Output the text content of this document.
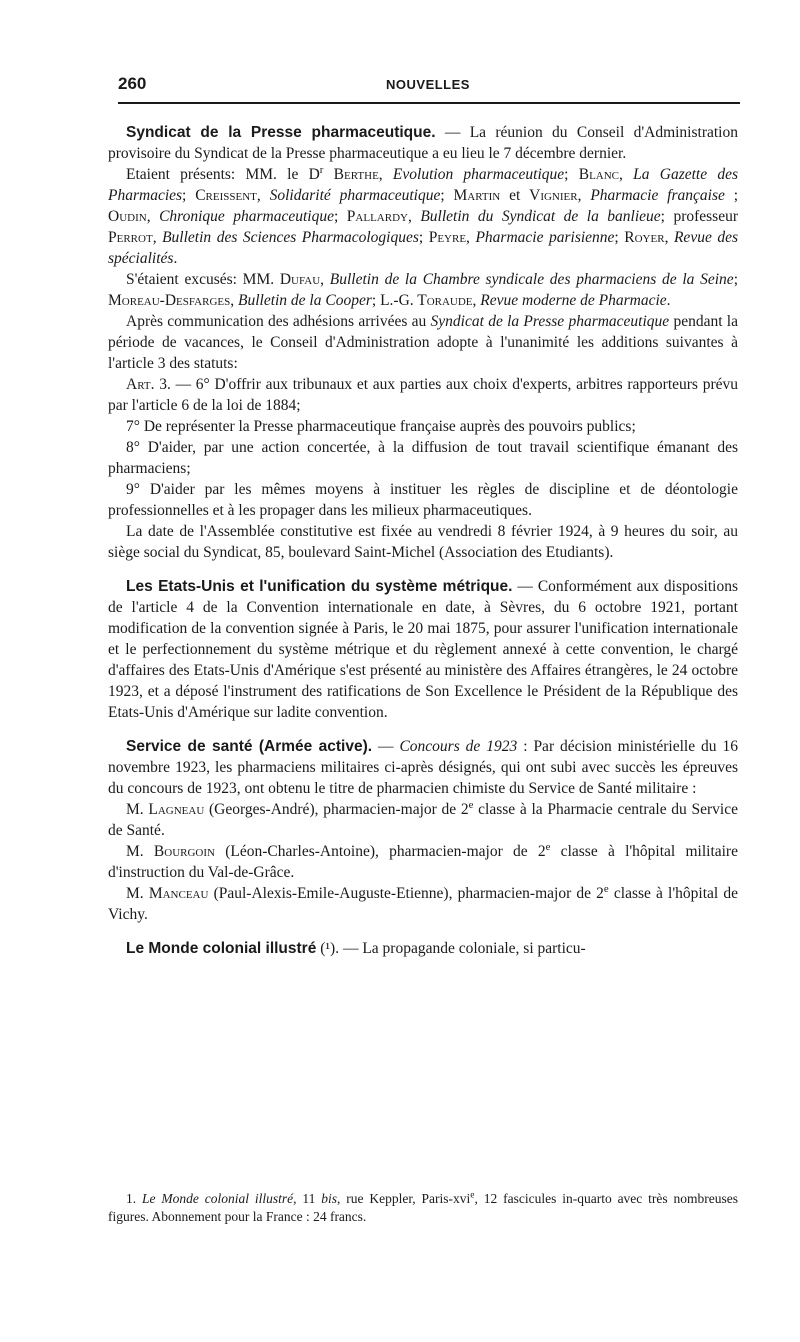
260	NOUVELLES

Syndicat de la Presse pharmaceutique. — La réunion du Conseil d'Administration provisoire du Syndicat de la Presse pharmaceutique a eu lieu le 7 décembre dernier.

Etaient présents: MM. le $D^r$ Berthe, Evolution pharmaceutique; Blanc, La Gazette des Pharmacies; Creissent, Solidarité pharmaceutique; Martin et Vignier, Pharmacie française ; Oudin, Chronique pharmaceutique; Pallardy, Bulletin du Syndicat de la banlieue; professeur Perrot, Bulletin des Sciences Pharmacologiques; Peyre, Pharmacie parisienne; Royer, Revue des spécialités.

S'étaient excusés: MM. Dufau, Bulletin de la Chambre syndicale des pharmaciens de la Seine; Moreau-Desfarges, Bulletin de la Cooper; L.-G. Toraude, Revue moderne de Pharmacie.

Après communication des adhésions arrivées au Syndicat de la Presse pharmaceutique pendant la période de vacances, le Conseil d'Administration adopte à l'unanimité les additions suivantes à l'article 3 des statuts:

Art. 3. — 6° D'offrir aux tribunaux et aux parties aux choix d'experts, arbitres rapporteurs prévu par l'article 6 de la loi de 1884;

7° De représenter la Presse pharmaceutique française auprès des pouvoirs publics;

8° D'aider, par une action concertée, à la diffusion de tout travail scientifique émanant des pharmaciens;

9° D'aider par les mêmes moyens à instituer les règles de discipline et de déontologie professionnelles et à les propager dans les milieux pharmaceutiques.

La date de l'Assemblée constitutive est fixée au vendredi 8 février 1924, à 9 heures du soir, au siège social du Syndicat, 85, boulevard Saint-Michel (Association des Etudiants).

Les Etats-Unis et l'unification du système métrique. — Conformément aux dispositions de l'article 4 de la Convention internationale en date, à Sèvres, du 6 octobre 1921, portant modification de la convention signée à Paris, le 20 mai 1875, pour assurer l'unification internationale et le perfectionnement du système métrique et du règlement annexé à cette convention, le chargé d'affaires des Etats-Unis d'Amérique s'est présenté au ministère des Affaires étrangères, le 24 octobre 1923, et a déposé l'instrument des ratifications de Son Excellence le Président de la République des Etats-Unis d'Amérique sur ladite convention.

Service de santé (Armée active). — Concours de 1923 : Par décision ministérielle du 16 novembre 1923, les pharmaciens militaires ci-après désignés, qui ont subi avec succès les épreuves du concours de 1923, ont obtenu le titre de pharmacien chimiste du Service de Santé militaire :

M. Lagneau (Georges-André), pharmacien-major de 2e classe à la Pharmacie centrale du Service de Santé.

M. Bourgoin (Léon-Charles-Antoine), pharmacien-major de 2e classe à l'hôpital militaire d'instruction du Val-de-Grâce.

M. Manceau (Paul-Alexis-Emile-Auguste-Etienne), pharmacien-major de 2e classe à l'hôpital de Vichy.

Le Monde colonial illustré (¹). — La propagande coloniale, si particu-

1. Le Monde colonial illustré, 11 bis, rue Keppler, Paris-xvi$^e$, 12 fascicules in-quarto avec très nombreuses figures. Abonnement pour la France : 24 francs.
